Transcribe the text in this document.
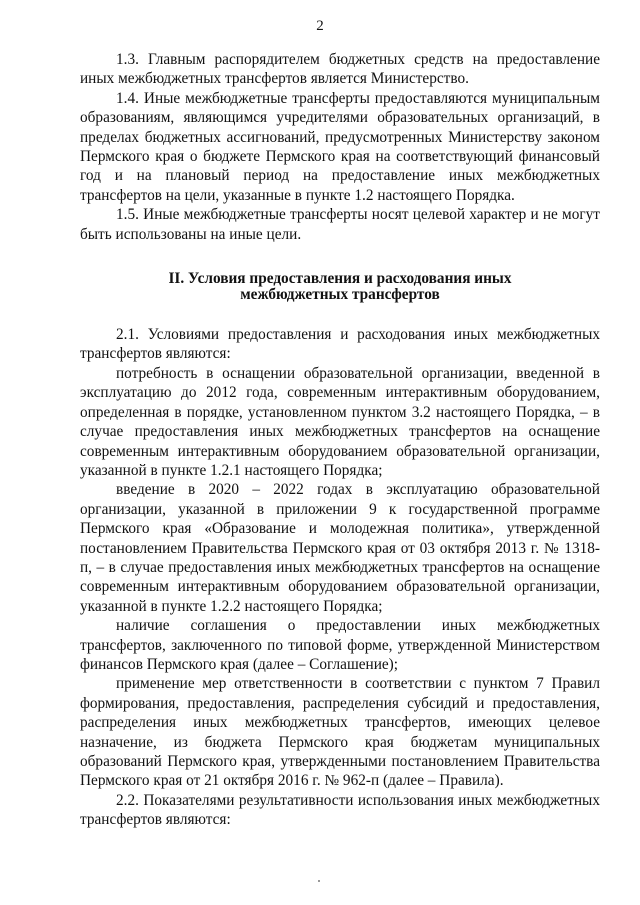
2

1.3. Главным распорядителем бюджетных средств на предоставление иных межбюджетных трансфертов является Министерство.

1.4. Иные межбюджетные трансферты предоставляются муниципальным образованиям, являющимся учредителями образовательных организаций, в пределах бюджетных ассигнований, предусмотренных Министерству законом Пермского края о бюджете Пермского края на соответствующий финансовый год и на плановый период на предоставление иных межбюджетных трансфертов на цели, указанные в пункте 1.2 настоящего Порядка.

1.5. Иные межбюджетные трансферты носят целевой характер и не могут быть использованы на иные цели.

II. Условия предоставления и расходования иных
межбюджетных трансфертов

2.1. Условиями предоставления и расходования иных межбюджетных трансфертов являются:

потребность в оснащении образовательной организации, введенной в эксплуатацию до 2012 года, современным интерактивным оборудованием, определенная в порядке, установленном пунктом 3.2 настоящего Порядка, – в случае предоставления иных межбюджетных трансфертов на оснащение современным интерактивным оборудованием образовательной организации, указанной в пункте 1.2.1 настоящего Порядка;

введение в 2020 – 2022 годах в эксплуатацию образовательной организации, указанной в приложении 9 к государственной программе Пермского края «Образование и молодежная политика», утвержденной постановлением Правительства Пермского края от 03 октября 2013 г. № 1318-п, – в случае предоставления иных межбюджетных трансфертов на оснащение современным интерактивным оборудованием образовательной организации, указанной в пункте 1.2.2 настоящего Порядка;

наличие соглашения о предоставлении иных межбюджетных трансфертов, заключенного по типовой форме, утвержденной Министерством финансов Пермского края (далее – Соглашение);

применение мер ответственности в соответствии с пунктом 7 Правил формирования, предоставления, распределения субсидий и предоставления, распределения иных межбюджетных трансфертов, имеющих целевое назначение, из бюджета Пермского края бюджетам муниципальных образований Пермского края, утвержденными постановлением Правительства Пермского края от 21 октября 2016 г. № 962-п (далее – Правила).

2.2. Показателями результативности использования иных межбюджетных трансфертов являются:
